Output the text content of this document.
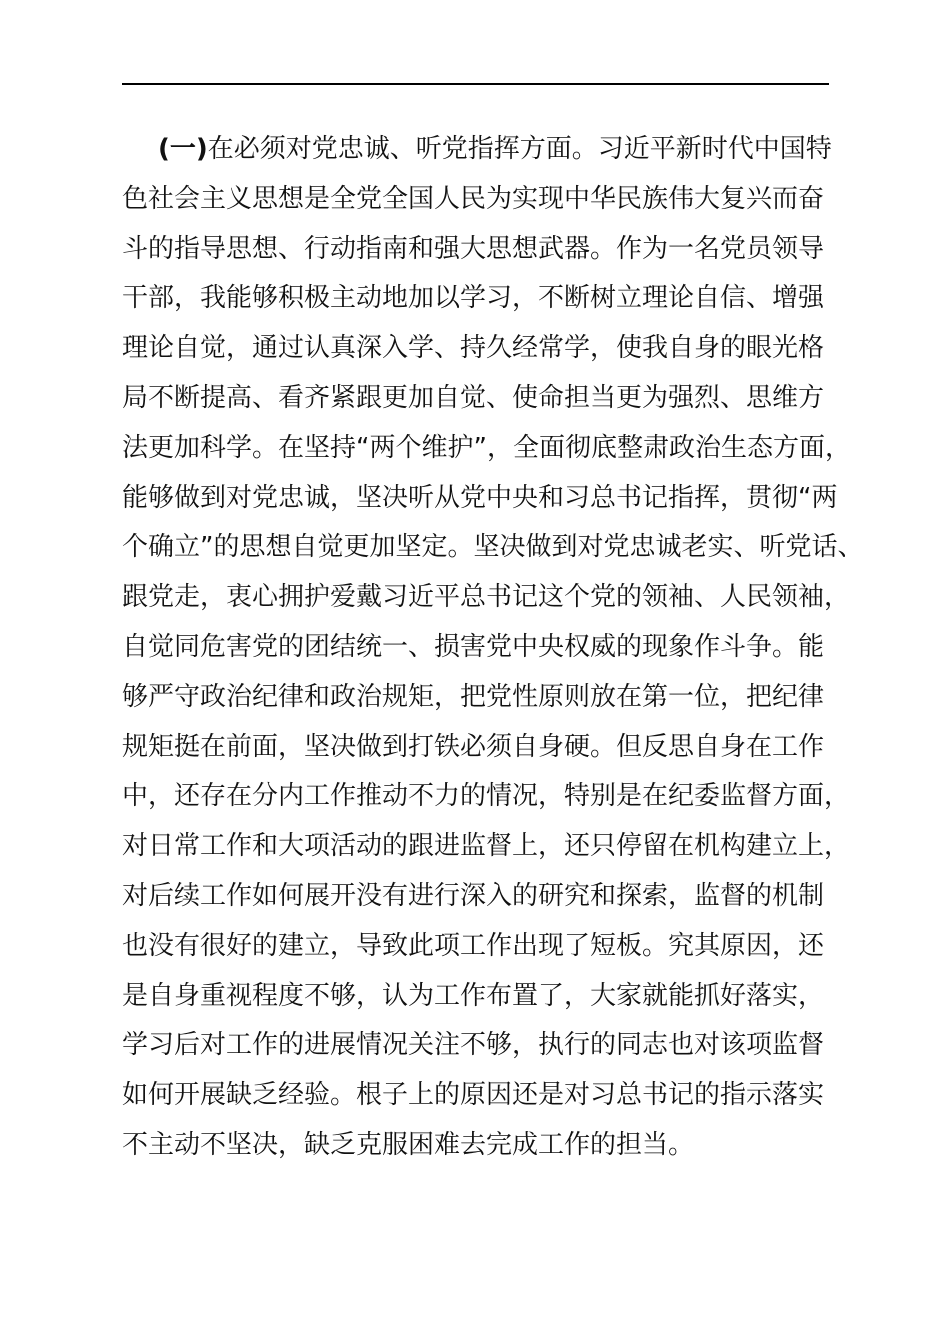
(一)在必须对党忠诚、听党指挥方面。习近平新时代中国特
色社会主义思想是全党全国人民为实现中华民族伟大复兴而奋
斗的指导思想、行动指南和强大思想武器。作为一名党员领导
干部，我能够积极主动地加以学习，不断树立理论自信、增强
理论自觉，通过认真深入学、持久经常学，使我自身的眼光格
局不断提高、看齐紧跟更加自觉、使命担当更为强烈、思维方
法更加科学。在坚持“两个维护”，全面彻底整肃政治生态方面，
能够做到对党忠诚，坚决听从党中央和习总书记指挥，贯彻“两
个确立”的思想自觉更加坚定。坚决做到对党忠诚老实、听党话、
跟党走，衷心拥护爱戴习近平总书记这个党的领袖、人民领袖，
自觉同危害党的团结统一、损害党中央权威的现象作斗争。能
够严守政治纪律和政治规矩，把党性原则放在第一位，把纪律
规矩挺在前面，坚决做到打铁必须自身硬。但反思自身在工作
中，还存在分内工作推动不力的情况，特别是在纪委监督方面，
对日常工作和大项活动的跟进监督上，还只停留在机构建立上，
对后续工作如何展开没有进行深入的研究和探索，监督的机制
也没有很好的建立，导致此项工作出现了短板。究其原因，还
是自身重视程度不够，认为工作布置了，大家就能抓好落实，
学习后对工作的进展情况关注不够，执行的同志也对该项监督
如何开展缺乏经验。根子上的原因还是对习总书记的指示落实
不主动不坚决，缺乏克服困难去完成工作的担当。
